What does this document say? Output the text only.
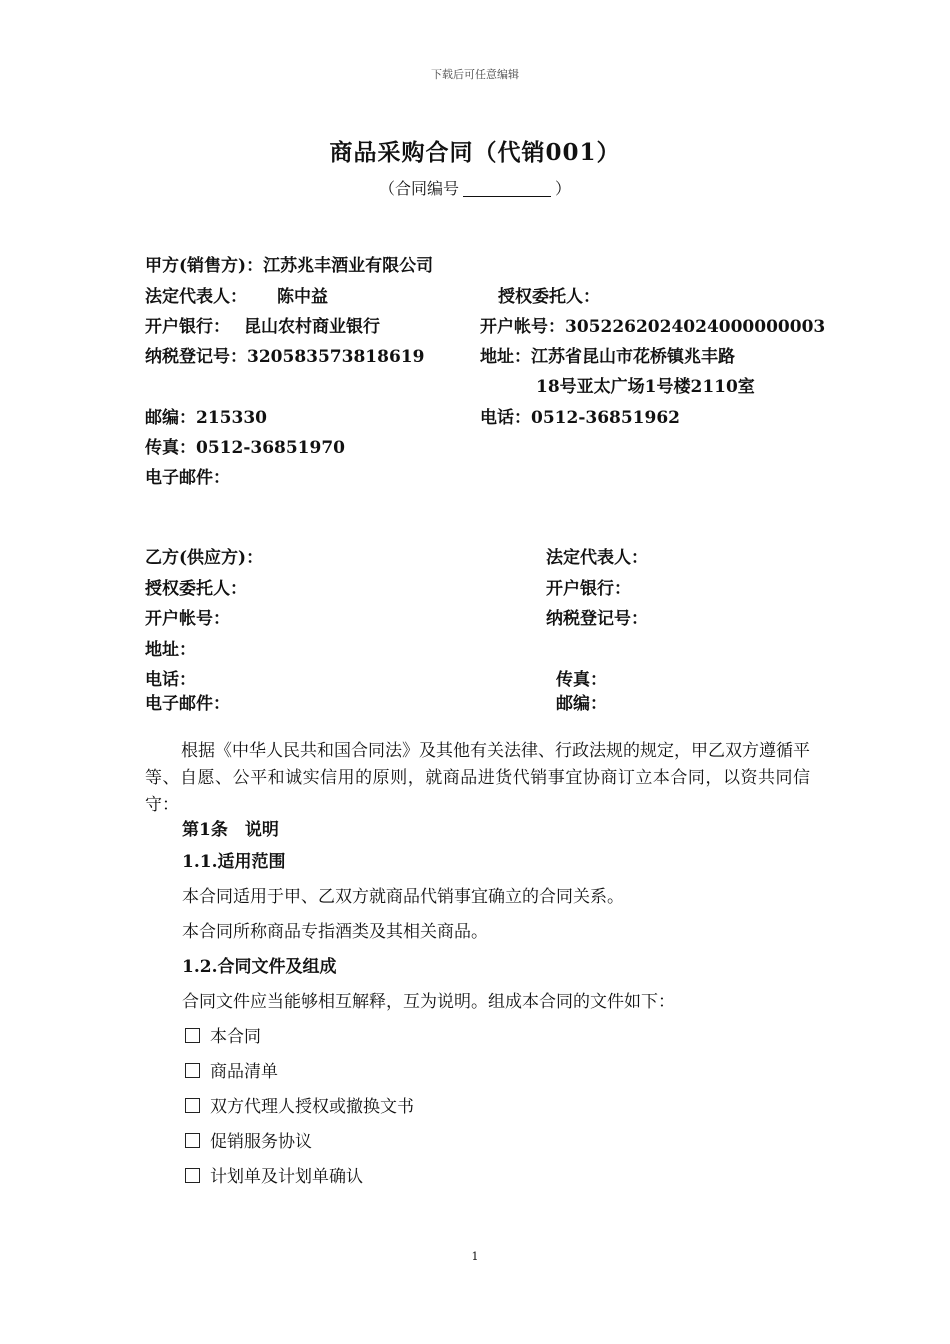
下载后可任意编辑
商品采购合同（代销001）
（合同编号	）
甲方(销售方)：江苏兆丰酒业有限公司
法定代表人： 陈中益	授权委托人：
开户银行： 昆山农村商业银行	开户帐号：3052262024024000000003
纳税登记号：320583573818619	地址：江苏省昆山市花桥镇兆丰路
18号亚太广场1号楼2110室
邮编：215330	电话：0512-36851962
传真：0512-36851970
电子邮件：
乙方(供应方)：	法定代表人：
授权委托人：	开户银行：
开户帐号：	纳税登记号：
地址：
电话：	传真：
电子邮件：	邮编：
根据《中华人民共和国合同法》及其他有关法律、行政法规的规定，甲乙双方遵循平等、自愿、公平和诚实信用的原则，就商品进货代销事宜协商订立本合同，以资共同信守：
第1条　说明
1.1.适用范围
本合同适用于甲、乙双方就商品代销事宜确立的合同关系。
本合同所称商品专指酒类及其相关商品。
1.2.合同文件及组成
合同文件应当能够相互解释，互为说明。组成本合同的文件如下：
本合同
商品清单
双方代理人授权或撤换文书
促销服务协议
计划单及计划单确认
1
